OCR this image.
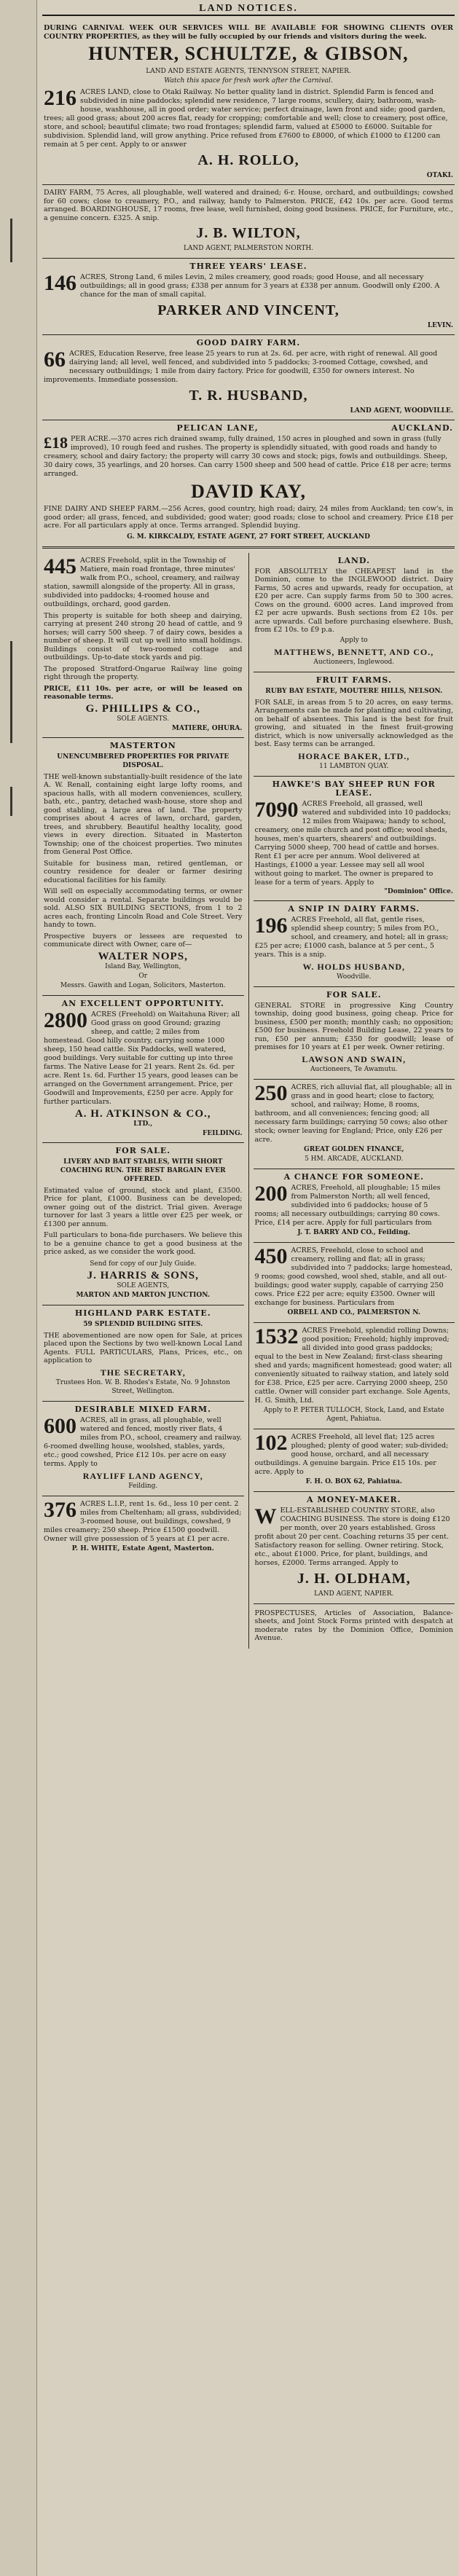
LAND NOTICES.
DURING CARNIVAL WEEK OUR SERVICES WILL BE AVAILABLE FOR SHOWING CLIENTS OVER COUNTRY PROPERTIES, as they will be fully occupied by our friends and visitors during the week.
HUNTER, SCHULTZE, & GIBSON,
LAND AND ESTATE AGENTS, TENNYSON STREET, NAPIER.
Watch this space for fresh work after the Carnival.
216 ACRES LAND, close to Otaki Railway. No better quality land in district. Splendid Farm is fenced and subdivided in nine paddocks; splendid new residence, 7 large rooms, scullery, dairy, bathroom, wash-house, washhouse, all in good order; water service; perfect drainage, lawn front and side; good garden, trees; all good grass; about 200 acres flat, ready for cropping; comfortable and well; close to creamery, post office, store, and school; beautiful climate; two road frontages; splendid farm, valued at £5000 to £6000. Suitable for subdivision. Splendid land, will grow anything. Price refused from £7600 to £8000, of which £1000 to £1200 can remain at 5 per cent. Apply to or answer
A. H. ROLLO,
OTAKI.
DAIRY FARM, 75 Acres, all ploughable, well watered and drained; 6-r. House, orchard, and outbuildings; cowshed for 60 cows; close to creamery, P.O., and railway, handy to Palmerston. PRICE, £42 10s. per acre. Good terms arranged. BOARDINGHOUSE, 17 rooms, free lease, well furnished, doing good business. PRICE, for Furniture, etc., a genuine concern. £325. A snip.
J. B. WILTON,
LAND AGENT, PALMERSTON NORTH.
THREE YEARS' LEASE.
146 ACRES, Strong Land, 6 miles Levin, 2 miles creamery, good roads; good House, and all necessary outbuildings; all in good grass; £338 per annum for 3 years at £338 per annum. Goodwill only £200. A chance for the man of small capital.
PARKER AND VINCENT,
LEVIN.
GOOD DAIRY FARM.
66 ACRES, Education Reserve, free lease 25 years to run at 2s. 6d. per acre, with right of renewal. All good dairying land; all level, well fenced, and subdivided into 5 paddocks; 3-roomed Cottage, cowshed, and necessary outbuildings; 1 mile from dairy factory. Price for goodwill, £350 for owners interest. No improvements. Immediate possession.
T. R. HUSBAND,
LAND AGENT, WOODVILLE.
PELICAN LANE,	AUCKLAND.
£18 PER ACRE.—370 acres rich drained swamp, fully drained, 150 acres in ploughed and sown in grass (fully improved), 10 rough feed and rushes. The property is splendidly situated, with good roads and handy to creamery, school and dairy factory; the property will carry 30 cows and stock; pigs, fowls and outbuildings. Sheep, 30 dairy cows, 35 yearlings, and 20 horses. Can carry 1500 sheep and 500 head of cattle. Price £18 per acre; terms arranged.
DAVID KAY,
FINE DAIRY AND SHEEP FARM.—256 Acres, good country, high road; dairy, 24 miles from Auckland; ten cow's, in good order; all grass, fenced, and subdivided; good water; good roads; close to school and creamery. Price £18 per acre. For all particulars apply at once. Terms arranged. Splendid buying.
G. M. KIRKCALDY, ESTATE AGENT, 27 FORT STREET, AUCKLAND
445 ACRES Freehold, split in the Township of Matiere, main road frontage, three minutes' walk from P.O., school, creamery, and railway station, sawmill alongside of the property. All in grass, subdivided into paddocks; 4-roomed house and outbuildings, orchard, good garden.

This property is suitable for both sheep and dairying, carrying at present 240 strong 20 head of cattle, and 9 horses; will carry 500 sheep. 7 of dairy cows, besides a number of sheep. It will cut up well into small holdings. Buildings consist of two-roomed cottage and outbuildings. Up-to-date stock yards and pig.

The proposed Stratford-Ongarue Railway line going right through the property.

PRICE, £11 10s. per acre, or will be leased on reasonable terms.

G. PHILLIPS & CO.,
SOLE AGENTS.
MATIERE, OHURA.
MASTERTON
UNENCUMBERED PROPERTIES FOR PRIVATE DISPOSAL.

THE well-known substantially-built residence of the late A. W. Renall, containing eight large lofty rooms, and spacious halls, with all modern conveniences, scullery, bath, etc., pantry, detached wash-house, store shop and good stabling, a large area of land. The property comprises about 4 acres of lawn, orchard, garden, trees, and shrubbery. Beautiful healthy locality, good views in every direction. Situated in Masterton Township; one of the choicest properties. Two minutes from General Post Office.

Suitable for business man, retired gentleman, or country residence for dealer or farmer desiring educational facilities for his family.

Will sell on especially accommodating terms, or owner would consider a rental. Separate buildings would be sold. ALSO SIX BUILDING SECTIONS, from 1 to 2 acres each, fronting Lincoln Road and Cole Street. Very handy to town.

Prospective buyers or lessees are requested to communicate direct with Owner, care of—

WALTER NOPS,
Island Bay, Wellington,
Or
Messrs. Gawith and Logan, Solicitors, Masterton.
AN EXCELLENT OPPORTUNITY.
2800 ACRES (Freehold) on Waitahuna River; all Good grass on good Ground; grazing sheep, and cattle; 2 miles from homestead. Good hilly country, carrying some 1000 sheep, 150 head cattle. Six Paddocks, well watered, good buildings. Very suitable for cutting up into three farms. The Native Lease for 21 years. Rent 2s. 6d. per acre. Rent 1s. 6d. Further 15 years, good leases can be arranged on the Government arrangement. Price, per Goodwill and Improvements, £250 per acre. Apply for further particulars.
A. H. ATKINSON & CO.,
LTD.,
FEILDING.
FOR SALE.
LIVERY AND BAIT STABLES, WITH SHORT COACHING RUN. THE BEST BARGAIN EVER OFFERED.

Estimated value of ground, stock and plant, £3500. Price for plant, £1000. Business can be developed; owner going out of the district. Trial given. Average turnover for last 3 years a little over £25 per week, or £1300 per annum.

Full particulars to bona-fide purchasers. We believe this to be a genuine chance to get a good business at the price asked, as we consider the work good.

Send for copy of our July Guide.
J. HARRIS & SONS,
SOLE AGENTS,
MARTON AND MARTON JUNCTION.
HIGHLAND PARK ESTATE.
59 SPLENDID BUILDING SITES.

THE abovementioned are now open for Sale, at prices placed upon the Sections by two well-known Local Land Agents. FULL PARTICULARS, Plans, Prices, etc., on application to

THE SECRETARY,
Trustees Hon. W. B. Rhodes's Estate, No. 9 Johnston Street, Wellington.
DESIRABLE MIXED FARM.
600 ACRES, all in grass, all ploughable, well watered and fenced, mostly river flats, 4 miles from P.O., school, creamery and railway. 6-roomed dwelling house, woolshed, stables, yards, etc.; good cowshed, Price £12 10s. per acre on easy terms. Apply to
RAYLIFF LAND AGENCY,
Feilding.
376 ACRES L.I.P., rent 1s. 6d., less 10 per cent. 2 miles from Cheltenham; all grass, subdivided; 3-roomed house, out buildings, cowshed, 9 miles creamery; 250 sheep. Price £1500 goodwill. Owner will give possession of 5 years at £1 per acre.
P. H. WHITE, Estate Agent, Masterton.
LAND.

FOR ABSOLUTELY the CHEAPEST land in the Dominion, come to the INGLEWOOD district. Dairy Farms, 50 acres and upwards, ready for occupation, at £20 per acre. Can supply farms from 50 to 300 acres. Cows on the ground. 6000 acres. Land improved from £2 per acre upwards. Bush sections from £2 10s. per acre upwards. Call before purchasing elsewhere. Bush, from £2 10s. to £9 p.a.

Apply to
MATTHEWS, BENNETT, AND CO.,
Auctioneers, Inglewood.
FRUIT FARMS.
RUBY BAY ESTATE, MOUTERE HILLS, NELSON.

FOR SALE, in areas from 5 to 20 acres, on easy terms. Arrangements can be made for planting and cultivating, on behalf of absentees. This land is the best for fruit growing, and situated in the finest fruit-growing district, which is now universally acknowledged as the best. Easy terms can be arranged.

HORACE BAKER, LTD.,
11 LAMBTON QUAY.
HAWKE'S BAY SHEEP RUN FOR LEASE.
7090 ACRES Freehold, all grassed, well watered and subdivided into 10 paddocks; 12 miles from Waipawa; handy to school, creamery, one mile church and post office; wool sheds, houses, men's quarters, shearers' and outbuildings. Carrying 5000 sheep, 700 head of cattle and horses. Rent £1 per acre per annum. Wool delivered at Hastings, £1000 a year. Lessee may sell all wool without going to market. The owner is prepared to lease for a term of years. Apply to
"Dominion" Office.
A SNIP IN DAIRY FARMS.
196 ACRES Freehold, all flat, gentle rises, splendid sheep country; 5 miles from P.O., school, and creamery, and hotel; all in grass; £25 per acre; £1000 cash, balance at 5 per cent., 5 years. This is a snip.
W. HOLDS HUSBAND,
Woodville.
FOR SALE.

GENERAL STORE in progressive King Country township, doing good business, going cheap. Price for business, £500 per month; monthly cash; no opposition; £500 for business. Freehold Building Lease, 22 years to run, £50 per annum; £350 for goodwill; lease of premises for 10 years at £1 per week. Owner retiring.

LAWSON AND SWAIN,
Auctioneers, Te Awamutu.
250 ACRES, rich alluvial flat, all ploughable; all in grass and in good heart; close to factory, school, and railway; Home, 8 rooms, bathroom, and all conveniences; fencing good; all necessary farm buildings; carrying 50 cows; also other stock; owner leaving for England; Price, only £26 per acre.
GREAT GOLDEN FINANCE,
5 HM. ARCADE, AUCKLAND.
A CHANCE FOR SOMEONE.
200 ACRES, Freehold, all ploughable; 15 miles from Palmerston North; all well fenced, subdivided into 6 paddocks; house of 5 rooms; all necessary outbuildings; carrying 80 cows. Price, £14 per acre. Apply for full particulars from
J. T. BARRY AND CO., Feilding.
450 ACRES, Freehold, close to school and creamery, rolling and flat; all in grass; subdivided into 7 paddocks; large homestead, 9 rooms; good cowshed, wool shed, stable, and all out-buildings; good water supply, capable of carrying 250 cows. Price £22 per acre; equity £3500. Owner will exchange for business. Particulars from
ORBELL AND CO., PALMERSTON N.
1532 ACRES Freehold, splendid rolling Downs; good position; Freehold; highly improved; all divided into good grass paddocks; equal to the best in New Zealand; first-class shearing shed and yards; magnificent homestead; good water; all conveniently situated to railway station, and lately sold for £38. Price, £25 per acre. Carrying 2000 sheep, 250 cattle. Owner will consider part exchange. Sole Agents, H. G. Smith, Ltd.
Apply to P. PETER TULLOCH, Stock, Land, and Estate Agent, Pahiatua.
102 ACRES Freehold, all level flat; 125 acres ploughed; plenty of good water; sub-divided; good house, orchard, and all necessary outbuildings. A genuine bargain. Price £15 10s. per acre. Apply to
F. H. O. BOX 62, Pahiatua.
A MONEY-MAKER.
W ELL-ESTABLISHED COUNTRY STORE, also COACHING BUSINESS. The store is doing £120 per month, over 20 years established. Gross profit about 20 per cent. Coaching returns 35 per cent. Satisfactory reason for selling. Owner retiring. Stock, etc., about £1000. Price, for plant, buildings, and horses, £2000. Terms arranged. Apply to
J. H. OLDHAM,
LAND AGENT, NAPIER.

PROSPECTUSES, Articles of Association, Balance-sheets, and Joint Stock Forms printed with despatch at moderate rates by the Dominion Office, Dominion Avenue.
